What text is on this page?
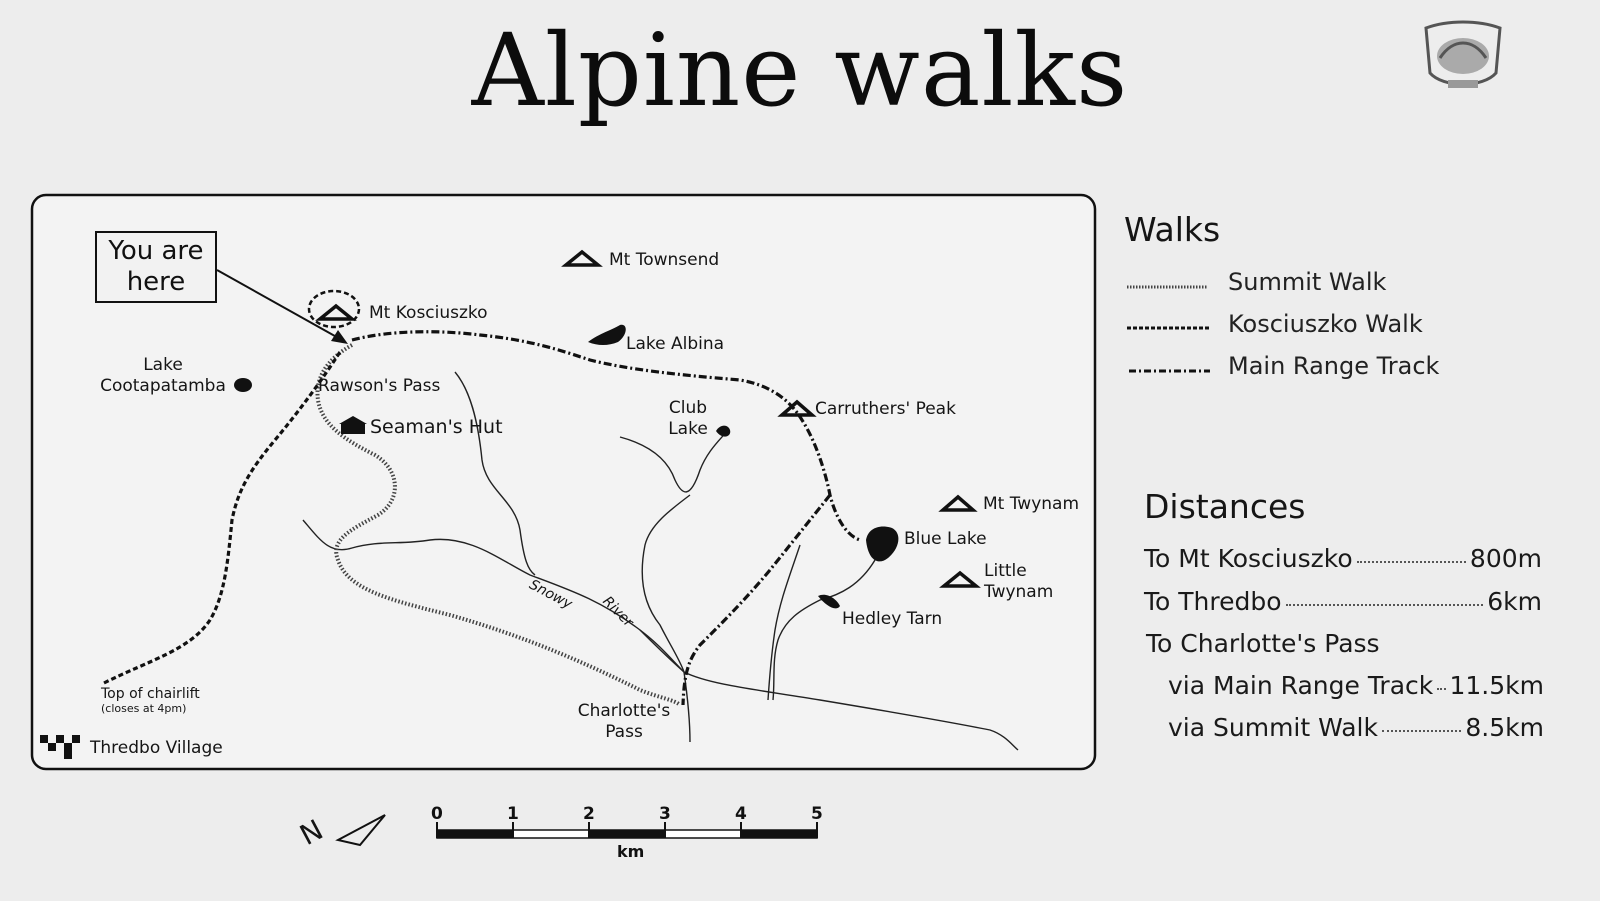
Alpine walks
You are here
Mt Townsend
Mt Kosciuszko
Lake Albina
Lake Cootapatamba	Rawson's Pass
Seaman's Hut
Club Lake
Carruthers' Peak
Mt Twynam
Blue Lake
Little Twynam
Hedley Tarn
Snowy River
Charlotte's Pass
Top of chairlift
(closes at 4pm)
Thredbo Village
Walks
Summit Walk
Kosciuszko Walk
Main Range Track
Distances
To Mt Kosciuszko	800m
To Thredbo	6km
To Charlotte's Pass
via Main Range Track 11.5km
via Summit Walk	8.5km
0	1	2	3	4	5
km
N
